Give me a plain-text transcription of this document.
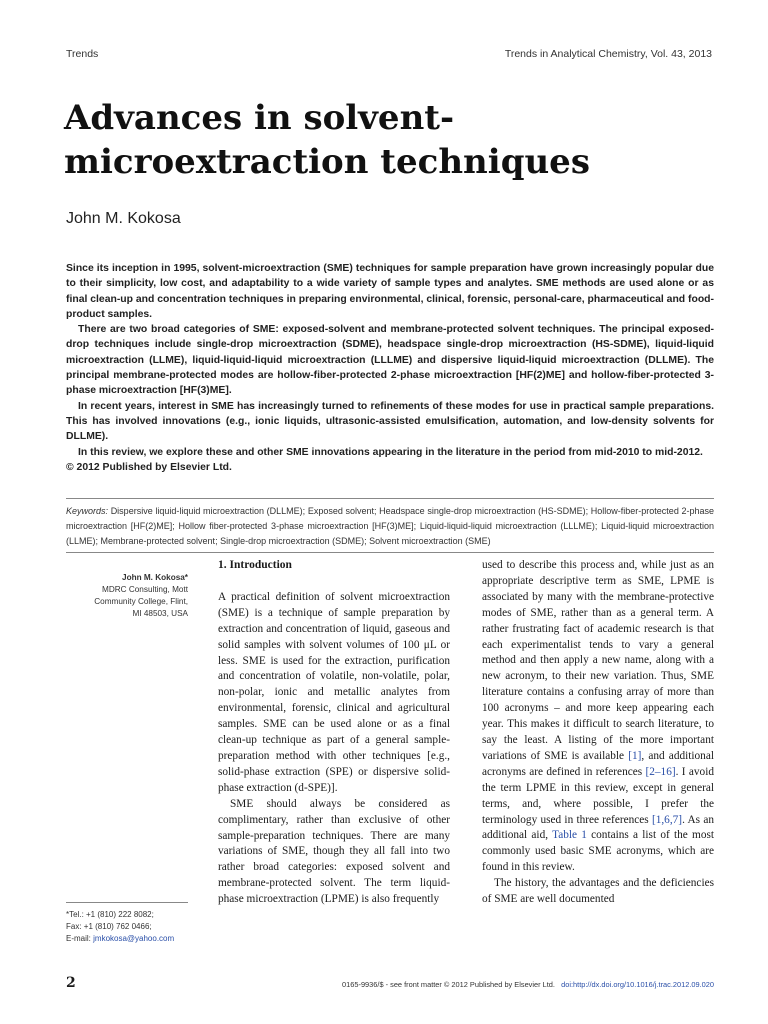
Trends	Trends in Analytical Chemistry, Vol. 43, 2013
Advances in solvent-microextraction techniques
John M. Kokosa

Since its inception in 1995, solvent-microextraction (SME) techniques for sample preparation have grown increasingly popular due to their simplicity, low cost, and adaptability to a wide variety of sample types and analytes. SME methods are used alone or as final clean-up and concentration techniques in preparing environmental, clinical, forensic, personal-care, pharmaceutical and food-product samples.

There are two broad categories of SME: exposed-solvent and membrane-protected solvent techniques. The principal exposed-drop techniques include single-drop microextraction (SDME), headspace single-drop microextraction (HS-SDME), liquid-liquid microextraction (LLME), liquid-liquid-liquid microextraction (LLLME) and dispersive liquid-liquid microextraction (DLLME). The principal membrane-protected modes are hollow-fiber-protected 2-phase microextraction [HF(2)ME] and hollow-fiber-protected 3-phase microextraction [HF(3)ME].

In recent years, interest in SME has increasingly turned to refinements of these modes for use in practical sample preparations. This has involved innovations (e.g., ionic liquids, ultrasonic-assisted emulsification, automation, and low-density solvents for DLLME).

In this review, we explore these and other SME innovations appearing in the literature in the period from mid-2010 to mid-2012.

© 2012 Published by Elsevier Ltd.

Keywords: Dispersive liquid-liquid microextraction (DLLME); Exposed solvent; Headspace single-drop microextraction (HS-SDME); Hollow-fiber-protected 2-phase microextraction [HF(2)ME]; Hollow fiber-protected 3-phase microextraction [HF(3)ME]; Liquid-liquid-liquid microextraction (LLLME); Liquid-liquid microextraction (LLME); Membrane-protected solvent; Single-drop microextraction (SDME); Solvent microextraction (SME)
John M. Kokosa*
MDRC Consulting, Mott
Community College, Flint,
MI 48503, USA
*Tel.: +1 (810) 222 8082;
Fax: +1 (810) 762 0466;
E-mail: jmkokosa@yahoo.com

1. Introduction

A practical definition of solvent microextraction (SME) is a technique of sample preparation by extraction and concentration of liquid, gaseous and solid samples with solvent volumes of 100 μL or less. SME is used for the extraction, purification and concentration of volatile, non-volatile, polar, non-polar, ionic and metallic analytes from environmental, forensic, clinical and agricultural samples. SME can be used alone or as a final clean-up technique as part of a general sample-preparation method with other techniques [e.g., solid-phase extraction (SPE) or dispersive solid-phase extraction (d-SPE)].

SME should always be considered as complimentary, rather than exclusive of other sample-preparation techniques. There are many variations of SME, though they all fall into two rather broad categories: exposed solvent and membrane-protected solvent. The term liquid-phase microextraction (LPME) is also frequently

used to describe this process and, while just as an appropriate descriptive term as SME, LPME is associated by many with the membrane-protective modes of SME, rather than as a general term. A rather frustrating fact of academic research is that each experimentalist tends to vary a general method and then apply a new name, along with a new acronym, to their new variation. Thus, SME literature contains a confusing array of more than 100 acronyms – and more keep appearing each year. This makes it difficult to search literature, to say the least. A listing of the more important variations of SME is available [1], and additional acronyms are defined in references [2–16]. I avoid the term LPME in this review, except in general terms, and, where possible, I prefer the terminology used in three references [1,6,7]. As an additional aid, Table 1 contains a list of the most commonly used basic SME acronyms, which are found in this review.

The history, the advantages and the deficiencies of SME are well documented

2	0165-9936/$ - see front matter © 2012 Published by Elsevier Ltd. doi:http://dx.doi.org/10.1016/j.trac.2012.09.020
